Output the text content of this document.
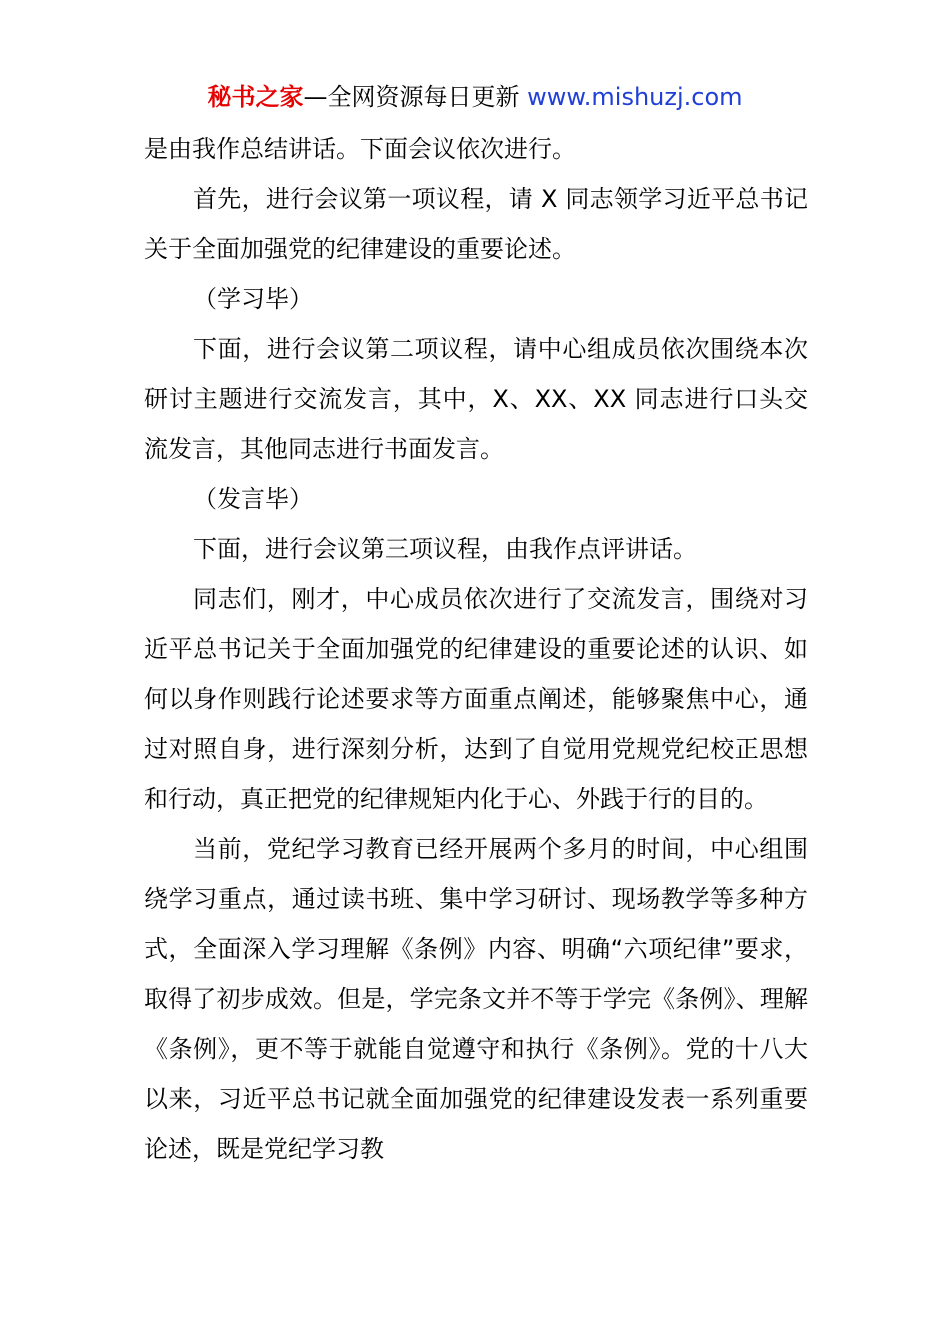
秘书之家—全网资源每日更新 www.mishuzj.com

是由我作总结讲话。下面会议依次进行。

首先，进行会议第一项议程，请 X 同志领学习近平总书记关于全面加强党的纪律建设的重要论述。

（学习毕）

下面，进行会议第二项议程，请中心组成员依次围绕本次研讨主题进行交流发言，其中，X、XX、XX 同志进行口头交流发言，其他同志进行书面发言。

（发言毕）

下面，进行会议第三项议程，由我作点评讲话。

同志们，刚才，中心成员依次进行了交流发言，围绕对习近平总书记关于全面加强党的纪律建设的重要论述的认识、如何以身作则践行论述要求等方面重点阐述，能够聚焦中心，通过对照自身，进行深刻分析，达到了自觉用党规党纪校正思想和行动，真正把党的纪律规矩内化于心、外践于行的目的。

当前，党纪学习教育已经开展两个多月的时间，中心组围绕学习重点，通过读书班、集中学习研讨、现场教学等多种方式，全面深入学习理解《条例》内容、明确“六项纪律”要求，取得了初步成效。但是，学完条文并不等于学完《条例》、理解《条例》，更不等于就能自觉遵守和执行《条例》。党的十八大以来，习近平总书记就全面加强党的纪律建设发表一系列重要论述，既是党纪学习教
